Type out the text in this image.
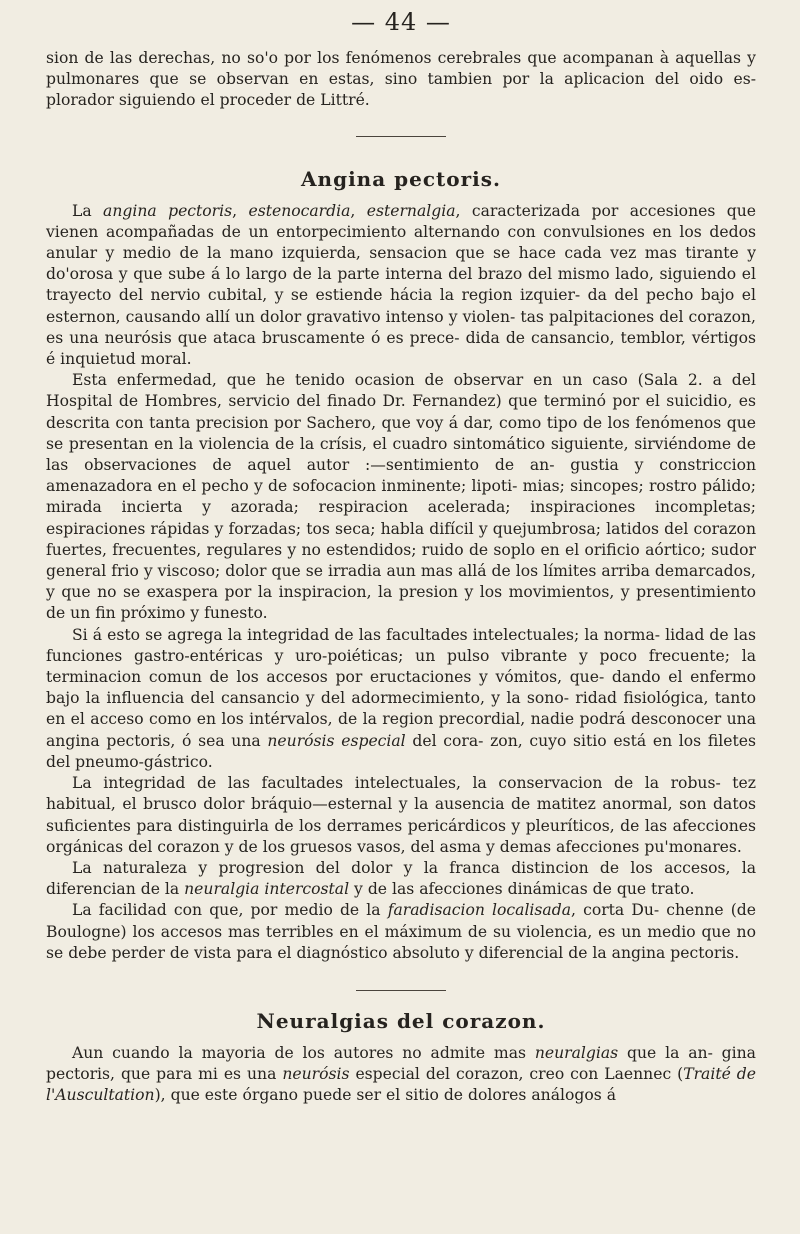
— 44 —

sion de las derechas, no so'o por los fenómenos cerebrales que acompanan à aquellas y pulmonares que se observan en estas, sino tambien por la aplicacion del oido es- plorador siguiendo el proceder de Littré.

Angina pectoris.

La angina pectoris, estenocardia, esternalgia, caracterizada por accesiones que vienen acompañadas de un entorpecimiento alternando con convulsiones en los dedos anular y medio de la mano izquierda, sensacion que se hace cada vez mas tirante y do'orosa y que sube á lo largo de la parte interna del brazo del mismo lado, siguiendo el trayecto del nervio cubital, y se estiende hácia la region izquier- da del pecho bajo el esternon, causando allí un dolor gravativo intenso y violen- tas palpitaciones del corazon, es una neurósis que ataca bruscamente ó es prece- dida de cansancio, temblor, vértigos é inquietud moral.

Esta enfermedad, que he tenido ocasion de observar en un caso (Sala 2. a del Hospital de Hombres, servicio del finado Dr. Fernandez) que terminó por el suicidio, es descrita con tanta precision por Sachero, que voy á dar, como tipo de los fenómenos que se presentan en la violencia de la crísis, el cuadro sintomático siguiente, sirviéndome de las observaciones de aquel autor :—sentimiento de an- gustia y constriccion amenazadora en el pecho y de sofocacion inminente; lipoti- mias; sincopes; rostro pálido; mirada incierta y azorada; respiracion acelerada; inspiraciones incompletas; espiraciones rápidas y forzadas; tos seca; habla difícil y quejumbrosa; latidos del corazon fuertes, frecuentes, regulares y no estendidos; ruido de soplo en el orificio aórtico; sudor general frio y viscoso; dolor que se irradia aun mas allá de los límites arriba demarcados, y que no se exaspera por la inspiracion, la presion y los movimientos, y presentimiento de un fin próximo y funesto.

Si á esto se agrega la integridad de las facultades intelectuales; la norma- lidad de las funciones gastro-entéricas y uro-poiéticas; un pulso vibrante y poco frecuente; la terminacion comun de los accesos por eructaciones y vómitos, que- dando el enfermo bajo la influencia del cansancio y del adormecimiento, y la sono- ridad fisiológica, tanto en el acceso como en los intérvalos, de la region precordial, nadie podrá desconocer una angina pectoris, ó sea una neurósis especial del cora- zon, cuyo sitio está en los filetes del pneumo-gástrico.

La integridad de las facultades intelectuales, la conservacion de la robus- tez habitual, el brusco dolor bráquio—esternal y la ausencia de matitez anormal, son datos suficientes para distinguirla de los derrames pericárdicos y pleuríticos, de las afecciones orgánicas del corazon y de los gruesos vasos, del asma y demas afecciones pu'monares.

La naturaleza y progresion del dolor y la franca distincion de los accesos, la diferencian de la neuralgia intercostal y de las afecciones dinámicas de que trato.

La facilidad con que, por medio de la faradisacion localisada, corta Du- chenne (de Boulogne) los accesos mas terribles en el máximum de su violencia, es un medio que no se debe perder de vista para el diagnóstico absoluto y diferencial de la angina pectoris.

Neuralgias del corazon.

Aun cuando la mayoria de los autores no admite mas neuralgias que la an- gina pectoris, que para mi es una neurósis especial del corazon, creo con Laennec (Traité de l'Auscultation), que este órgano puede ser el sitio de dolores análogos á
